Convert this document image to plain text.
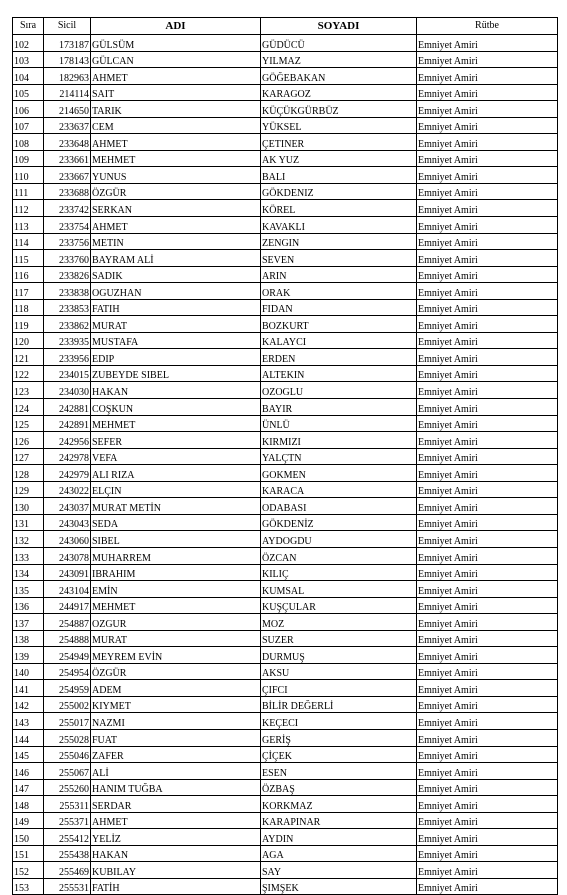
Sıra	Sicil	ADI	SOYADI	Rütbe
102	173187	GÜLSÜM	GÜDÜCÜ	Emniyet Amiri
103	178143	GÜLCAN	YILMAZ	Emniyet Amiri
104	182963	AHMET	GÖĞEBAKAN	Emniyet Amiri
105	214114	SAIT	KARAGOZ	Emniyet Amiri
106	214650	TARIK	KÜÇÜKGÜRBÜZ	Emniyet Amiri
107	233637	CEM	YÜKSEL	Emniyet Amiri
108	233648	AHMET	ÇETINER	Emniyet Amiri
109	233661	MEHMET	AK YUZ	Emniyet Amiri
110	233667	YUNUS	BALI	Emniyet Amiri
111	233688	ÖZGÜR	GÖKDENIZ	Emniyet Amiri
112	233742	SERKAN	KÖREL	Emniyet Amiri
113	233754	AHMET	KAVAKLI	Emniyet Amiri
114	233756	METIN	ZENGIN	Emniyet Amiri
115	233760	BAYRAM ALİ	SEVEN	Emniyet Amiri
116	233826	SADIK	ARIN	Emniyet Amiri
117	233838	OGUZHAN	ORAK	Emniyet Amiri
118	233853	FATIH	FIDAN	Emniyet Amiri
119	233862	MURAT	BOZKURT	Emniyet Amiri
120	233935	MUSTAFA	KALAYCI	Emniyet Amiri
121	233956	EDIP	ERDEN	Emniyet Amiri
122	234015	ZUBEYDE SIBEL	ALTEKIN	Emniyet Amiri
123	234030	HAKAN	OZOGLU	Emniyet Amiri
124	242881	COŞKUN	BAYIR	Emniyet Amiri
125	242891	MEHMET	ÜNLÜ	Emniyet Amiri
126	242956	SEFER	KIRMIZI	Emniyet Amiri
127	242978	VEFA	YALÇTN	Emniyet Amiri
128	242979	ALI RIZA	GOKMEN	Emniyet Amiri
129	243022	ELÇIN	KARACA	Emniyet Amiri
130	243037	MURAT METİN	ODABASI	Emniyet Amiri
131	243043	SEDA	GÖKDENİZ	Emniyet Amiri
132	243060	SIBEL	AYDOGDU	Emniyet Amiri
133	243078	MUHARREM	ÖZCAN	Emniyet Amiri
134	243091	IBRAHIM	KILIÇ	Emniyet Amiri
135	243104	EMİN	KUMSAL	Emniyet Amiri
136	244917	MEHMET	KUŞÇULAR	Emniyet Amiri
137	254887	OZGUR	MOZ	Emniyet Amiri
138	254888	MURAT	SUZER	Emniyet Amiri
139	254949	MEYREM EVİN	DURMUŞ	Emniyet Amiri
140	254954	ÖZGÜR	AKSU	Emniyet Amiri
141	254959	ADEM	ÇIFCI	Emniyet Amiri
142	255002	KIYMET	BİLİR DEĞERLİ	Emniyet Amiri
143	255017	NAZMI	KEÇECI	Emniyet Amiri
144	255028	FUAT	GERİŞ	Emniyet Amiri
145	255046	ZAFER	ÇİÇEK	Emniyet Amiri
146	255067	ALİ	ESEN	Emniyet Amiri
147	255260	HANIM TUĞBA	ÖZBAŞ	Emniyet Amiri
148	255311	SERDAR	KORKMAZ	Emniyet Amiri
149	255371	AHMET	KARAPINAR	Emniyet Amiri
150	255412	YELİZ	AYDIN	Emniyet Amiri
151	255438	HAKAN	AGA	Emniyet Amiri
152	255469	KUBILAY	SAY	Emniyet Amiri
153	255531	FATİH	ŞIMŞEK	Emniyet Amiri
